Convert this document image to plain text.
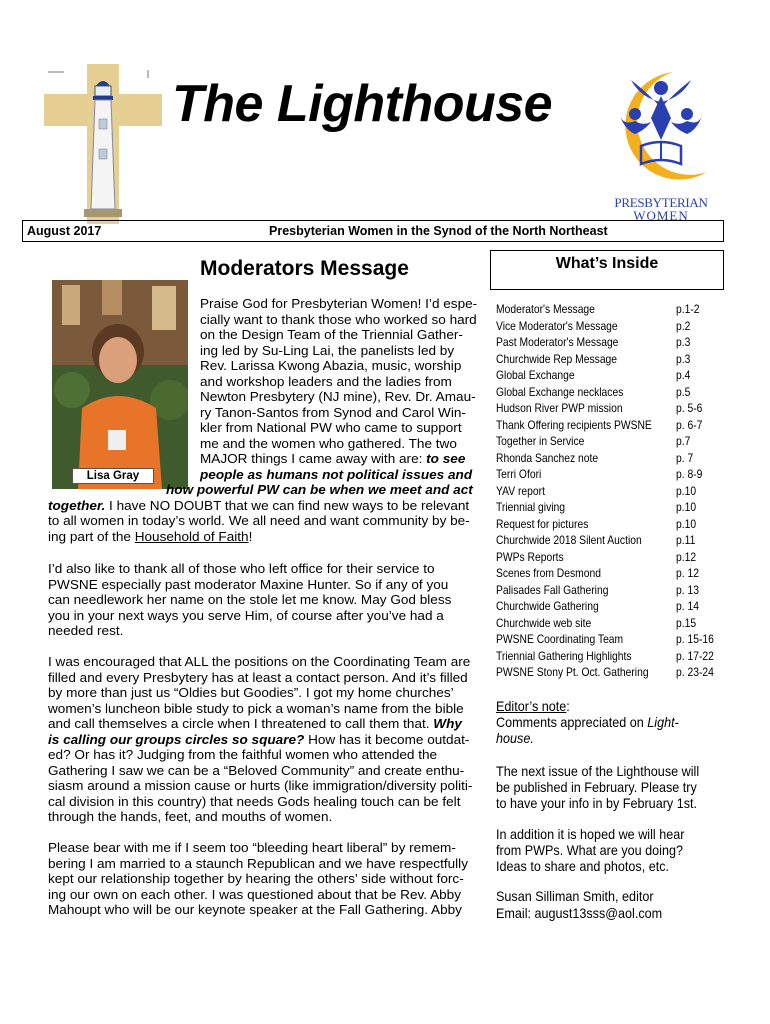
The Lighthouse
PRESBYTERIAN
WOMEN
August 2017	Presbyterian Women in the Synod of the North Northeast
Moderators Message
Lisa Gray
Praise God for Presbyterian Women! I’d espe-
cially want to thank those who worked so hard
on the Design Team of the Triennial Gather-
ing led by Su-Ling Lai, the panelists led by
Rev. Larissa Kwong Abazia, music, worship
and workshop leaders and the ladies from
Newton Presbytery (NJ mine), Rev. Dr. Amau-
ry Tanon-Santos from Synod and Carol Win-
kler from National PW who came to support
me and the women who gathered. The two
MAJOR things I came away with are: to see
people as humans not political issues and
how powerful PW can be when we meet and act
together. I have NO DOUBT that we can find new ways to be relevant
to all women in today’s world. We all need and want community by be-
ing part of the Household of Faith!
I’d also like to thank all of those who left office for their service to
PWSNE especially past moderator Maxine Hunter. So if any of you
can needlework her name on the stole let me know. May God bless
you in your next ways you serve Him, of course after you’ve had a
needed rest.
I was encouraged that ALL the positions on the Coordinating Team are
filled and every Presbytery has at least a contact person. And it’s filled
by more than just us “Oldies but Goodies”. I got my home churches’
women’s luncheon bible study to pick a woman’s name from the bible
and call themselves a circle when I threatened to call them that. Why
is calling our groups circles so square? How has it become outdat-
ed? Or has it? Judging from the faithful women who attended the
Gathering I saw we can be a “Beloved Community” and create enthu-
siasm around a mission cause or hurts (like immigration/diversity politi-
cal division in this country) that needs Gods healing touch can be felt
through the hands, feet, and mouths of women.
Please bear with me if I seem too “bleeding heart liberal” by remem-
bering I am married to a staunch Republican and we have respectfully
kept our relationship together by hearing the others’ side without forc-
ing our own on each other. I was questioned about that be Rev. Abby
Mahoupt who will be our keynote speaker at the Fall Gathering. Abby
What’s Inside
Moderator's Message	p.1-2
Vice Moderator's Message	p.2
Past Moderator's Message	p.3
Churchwide Rep Message	p.3
Global Exchange	p.4
Global Exchange necklaces	p.5
Hudson River PWP mission	p. 5-6
Thank Offering recipients PWSNE p. 6-7
Together in Service	p.7
Rhonda Sanchez note	p. 7
Terri Ofori	p. 8-9
YAV report	p.10
Triennial giving	p.10
Request for pictures	p.10
Churchwide 2018 Silent Auction	p.11
PWPs Reports	p.12
Scenes from Desmond	p. 12
Palisades Fall Gathering	p. 13
Churchwide Gathering	p. 14
Churchwide web site	p.15
PWSNE Coordinating Team	p. 15-16
Triennial Gathering Highlights	p. 17-22
PWSNE Stony Pt. Oct. Gathering p. 23-24
Editor’s note:
Comments appreciated on Light-
house.
The next issue of the Lighthouse will
be published in February. Please try
to have your info in by February 1st.
In addition it is hoped we will hear
from PWPs. What are you doing?
Ideas to share and photos, etc.
Susan Silliman Smith, editor
Email: august13sss@aol.com
